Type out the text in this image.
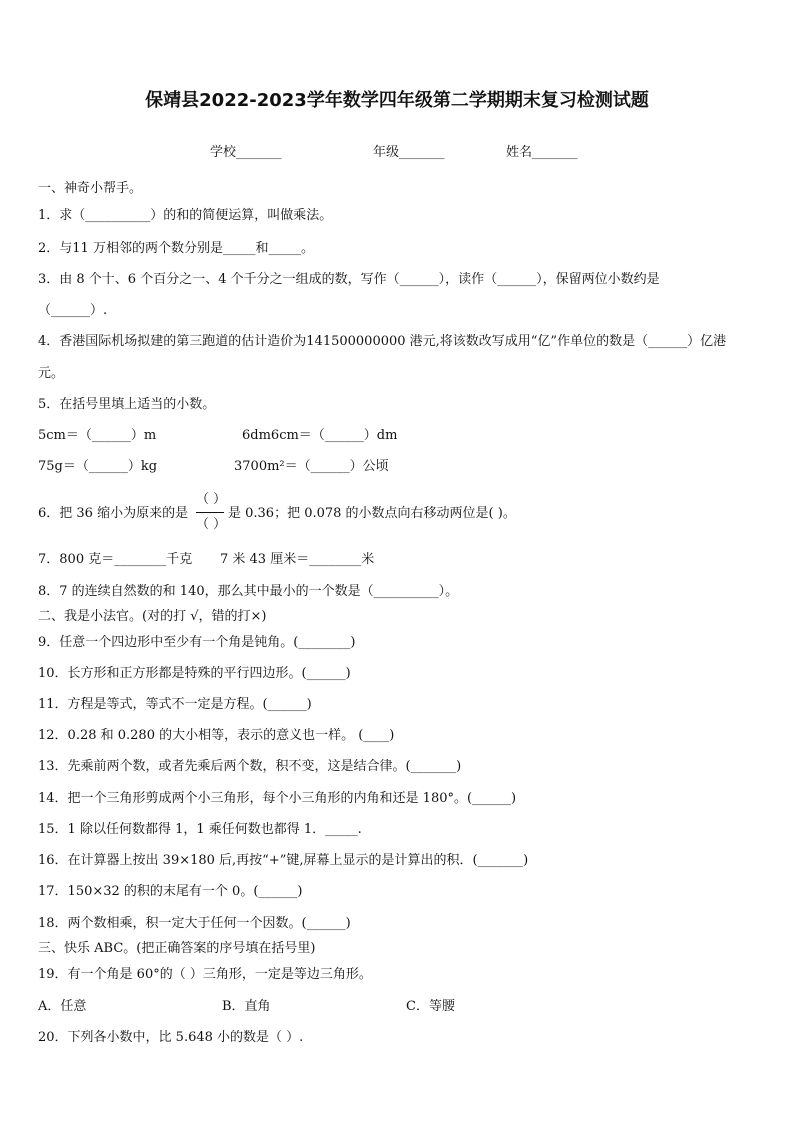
保靖县2022-2023学年数学四年级第二学期期末复习检测试题
学校_______	年级_______	姓名_______
一、神奇小帮手。
1．求（__________）的和的简便运算，叫做乘法。
2．与11 万相邻的两个数分别是_____和_____。
3．由 8 个十、6 个百分之一、4 个千分之一组成的数，写作（______），读作（______），保留两位小数约是
（______）.
4．香港国际机场拟建的第三跑道的估计造价为141500000000 港元,将该数改写成用“亿”作单位的数是（______）亿港
元。
5．在括号里填上适当的小数。
5cm＝（______）m	6dm6cm＝（______）dm
75g＝（______）kg	3700m²＝（______）公顷
6．把 36 缩小为原来的是
（ ）
（ ）
是 0.36；把 0.078 的小数点向右移动两位是( )。
7．800 克＝________千克 7 米 43 厘米＝________米
8．7 的连续自然数的和 140，那么其中最小的一个数是（__________）。
二、我是小法官。(对的打 √，错的打×)
9．任意一个四边形中至少有一个角是钝角。(________)
10．长方形和正方形都是特殊的平行四边形。(______)
11．方程是等式，等式不一定是方程。(______)
12．0.28 和 0.280 的大小相等，表示的意义也一样。 (____)
13．先乘前两个数，或者先乘后两个数，积不变，这是结合律。(_______)
14．把一个三角形剪成两个小三角形，每个小三角形的内角和还是 180°。(______)
15．1 除以任何数都得 1，1 乘任何数也都得 1．_____.
16．在计算器上按出 39×180 后,再按“+”键,屏幕上显示的是计算出的积．(_______)
17．150×32 的积的末尾有一个 0。(______)
18．两个数相乘，积一定大于任何一个因数。(______)
三、快乐 ABC。(把正确答案的序号填在括号里)
19．有一个角是 60°的（ ）三角形，一定是等边三角形。
A．任意	B．直角	C．等腰
20．下列各小数中，比 5.648 小的数是（ ）.
